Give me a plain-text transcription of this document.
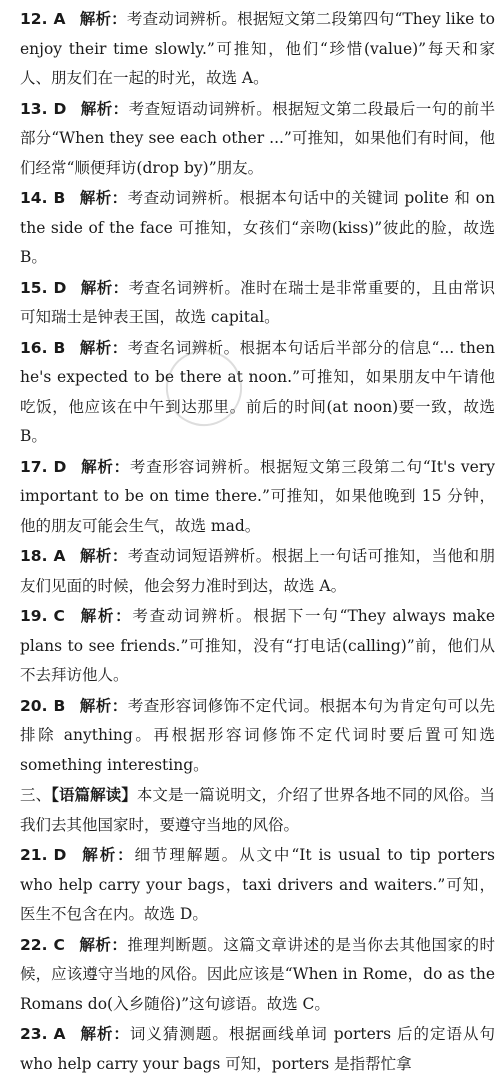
12. A 解析：考查动词辨析。根据短文第二段第四句“They like to enjoy their time slowly.”可推知，他们“珍惜(value)”每天和家人、朋友们在一起的时光，故选 A。

13. D 解析：考查短语动词辨析。根据短文第二段最后一句的前半部分“When they see each other ...”可推知，如果他们有时间，他们经常“顺便拜访(drop by)”朋友。

14. B 解析：考查动词辨析。根据本句话中的关键词 polite 和 on the side of the face 可推知，女孩们“亲吻(kiss)”彼此的脸，故选 B。

15. D 解析：考查名词辨析。准时在瑞士是非常重要的，且由常识可知瑞士是钟表王国，故选 capital。

16. B 解析：考查名词辨析。根据本句话后半部分的信息“... then he's expected to be there at noon.”可推知，如果朋友中午请他吃饭，他应该在中午到达那里。前后的时间(at noon)要一致，故选 B。

17. D 解析：考查形容词辨析。根据短文第三段第二句“It's very important to be on time there.”可推知，如果他晚到 15 分钟，他的朋友可能会生气，故选 mad。

18. A 解析：考查动词短语辨析。根据上一句话可推知，当他和朋友们见面的时候，他会努力准时到达，故选 A。

19. C 解析：考查动词辨析。根据下一句“They always make plans to see friends.”可推知，没有“打电话(calling)”前，他们从不去拜访他人。

20. B 解析：考查形容词修饰不定代词。根据本句为肯定句可以先排除 anything。再根据形容词修饰不定代词时要后置可知选 something interesting。

三、【语篇解读】本文是一篇说明文，介绍了世界各地不同的风俗。当我们去其他国家时，要遵守当地的风俗。

21. D 解析：细节理解题。从文中“It is usual to tip porters who help carry your bags，taxi drivers and waiters.”可知，医生不包含在内。故选 D。

22. C 解析：推理判断题。这篇文章讲述的是当你去其他国家的时候，应该遵守当地的风俗。因此应该是“When in Rome，do as the Romans do(入乡随俗)”这句谚语。故选 C。

23. A 解析：词义猜测题。根据画线单词 porters 后的定语从句 who help carry your bags 可知，porters 是指帮忙拿
